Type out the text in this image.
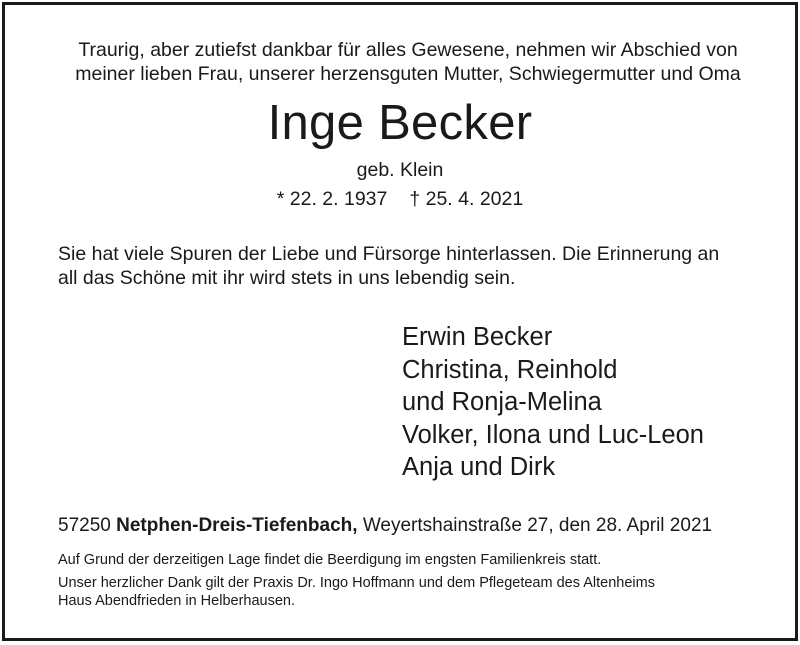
Traurig, aber zutiefst dankbar für alles Gewesene, nehmen wir Abschied von
meiner lieben Frau, unserer herzensguten Mutter, Schwiegermutter und Oma
Inge Becker
geb. Klein
* 22. 2. 1937 † 25. 4. 2021
Sie hat viele Spuren der Liebe und Fürsorge hinterlassen. Die Erinnerung an
all das Schöne mit ihr wird stets in uns lebendig sein.
Erwin Becker
Christina, Reinhold
und Ronja-Melina
Volker, Ilona und Luc-Leon
Anja und Dirk
57250 Netphen-Dreis-Tiefenbach, Weyertshainstraße 27, den 28. April 2021
Auf Grund der derzeitigen Lage findet die Beerdigung im engsten Familienkreis statt.
Unser herzlicher Dank gilt der Praxis Dr. Ingo Hoffmann und dem Pflegeteam des Altenheims
Haus Abendfrieden in Helberhausen.
